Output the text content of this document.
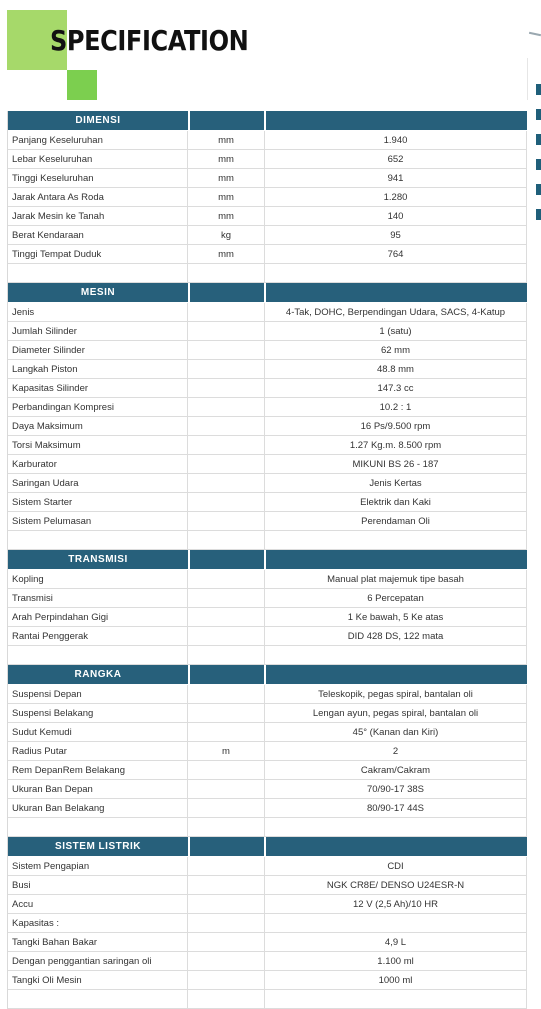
SPECIFICATION
DIMENSI
Panjang Keseluruhan	mm	1.940
Lebar Keseluruhan	mm	652
Tinggi Keseluruhan	mm	941
Jarak Antara As Roda	mm	1.280
Jarak Mesin ke Tanah	mm	140
Berat Kendaraan	kg	95
Tinggi Tempat Duduk	mm	764
MESIN
Jenis	4-Tak, DOHC, Berpendingan Udara, SACS, 4-Katup
Jumlah Silinder	1 (satu)
Diameter Silinder	62 mm
Langkah Piston	48.8 mm
Kapasitas Silinder	147.3 cc
Perbandingan Kompresi	10.2 : 1
Daya Maksimum	16 Ps/9.500 rpm
Torsi Maksimum	1.27 Kg.m. 8.500 rpm
Karburator	MIKUNI BS 26 - 187
Saringan Udara	Jenis Kertas
Sistem Starter	Elektrik dan Kaki
Sistem Pelumasan	Perendaman Oli
TRANSMISI
Kopling	Manual plat majemuk tipe basah
Transmisi	6 Percepatan
Arah Perpindahan Gigi	1 Ke bawah, 5 Ke atas
Rantai Penggerak	DID 428 DS, 122 mata
RANGKA
Suspensi Depan	Teleskopik, pegas spiral, bantalan oli
Suspensi Belakang	Lengan ayun, pegas spiral, bantalan oli
Sudut Kemudi	45° (Kanan dan Kiri)
Radius Putar	m	2
Rem DepanRem Belakang	Cakram/Cakram
Ukuran Ban Depan	70/90-17 38S
Ukuran Ban Belakang	80/90-17 44S
SISTEM LISTRIK
Sistem Pengapian	CDI
Busi	NGK CR8E/ DENSO U24ESR-N
Accu	12 V (2,5 Ah)/10 HR
Kapasitas :
Tangki Bahan Bakar	4,9 L
Dengan penggantian saringan oli	1.100 ml
Tangki Oli Mesin	1000 ml
